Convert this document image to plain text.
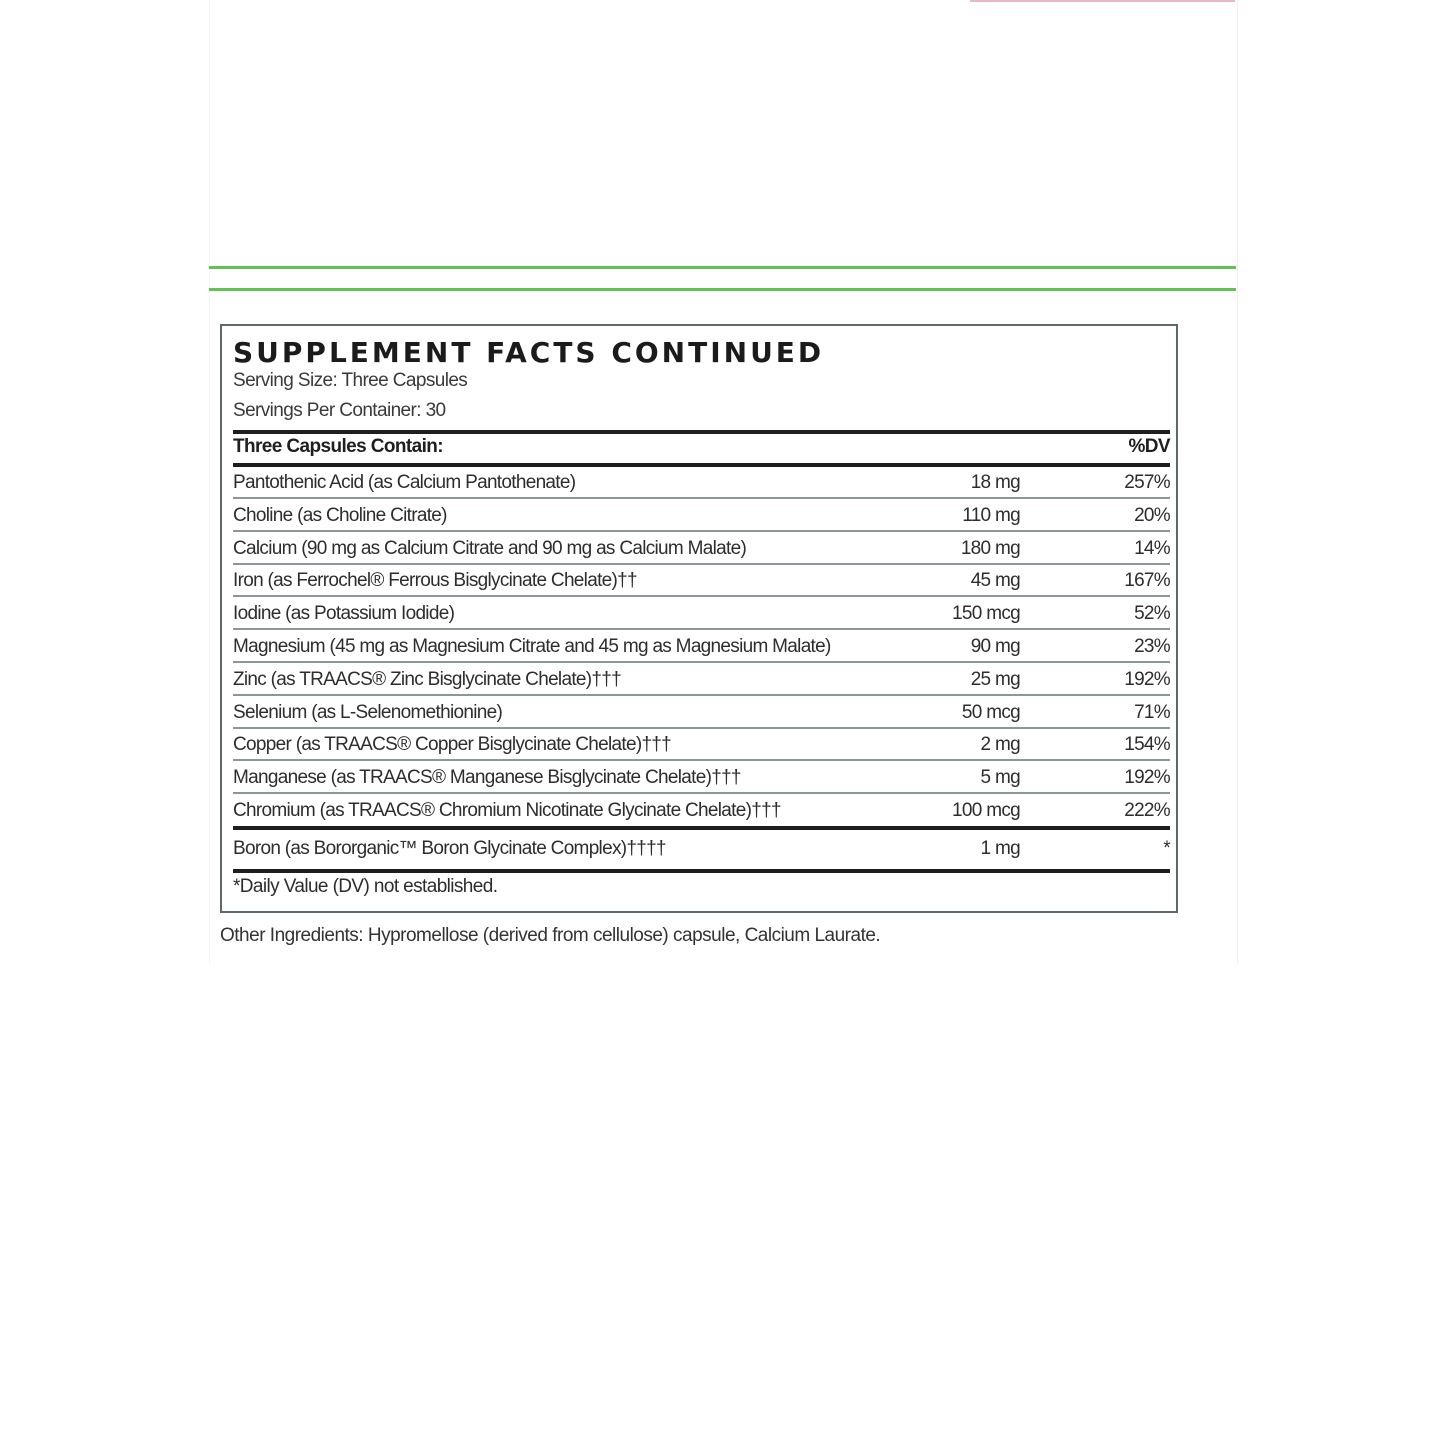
SUPPLEMENT FACTS CONTINUED
Serving Size: Three Capsules
Servings Per Container: 30
Three Capsules Contain:	%DV
Pantothenic Acid (as Calcium Pantothenate)	18 mg	257%
Choline (as Choline Citrate)	110 mg	20%
Calcium (90 mg as Calcium Citrate and 90 mg as Calcium Malate)	180 mg	14%
Iron (as Ferrochel® Ferrous Bisglycinate Chelate)††	45 mg	167%
Iodine (as Potassium Iodide)	150 mcg	52%
Magnesium (45 mg as Magnesium Citrate and 45 mg as Magnesium Malate)	90 mg	23%
Zinc (as TRAACS® Zinc Bisglycinate Chelate)†††	25 mg	192%
Selenium (as L-Selenomethionine)	50 mcg	71%
Copper (as TRAACS® Copper Bisglycinate Chelate)†††	2 mg	154%
Manganese (as TRAACS® Manganese Bisglycinate Chelate)†††	5 mg	192%
Chromium (as TRAACS® Chromium Nicotinate Glycinate Chelate)†††	100 mcg	222%
Boron (as Bororganic™ Boron Glycinate Complex)††††	1 mg	*
*Daily Value (DV) not established.
Other Ingredients: Hypromellose (derived from cellulose) capsule, Calcium Laurate.
